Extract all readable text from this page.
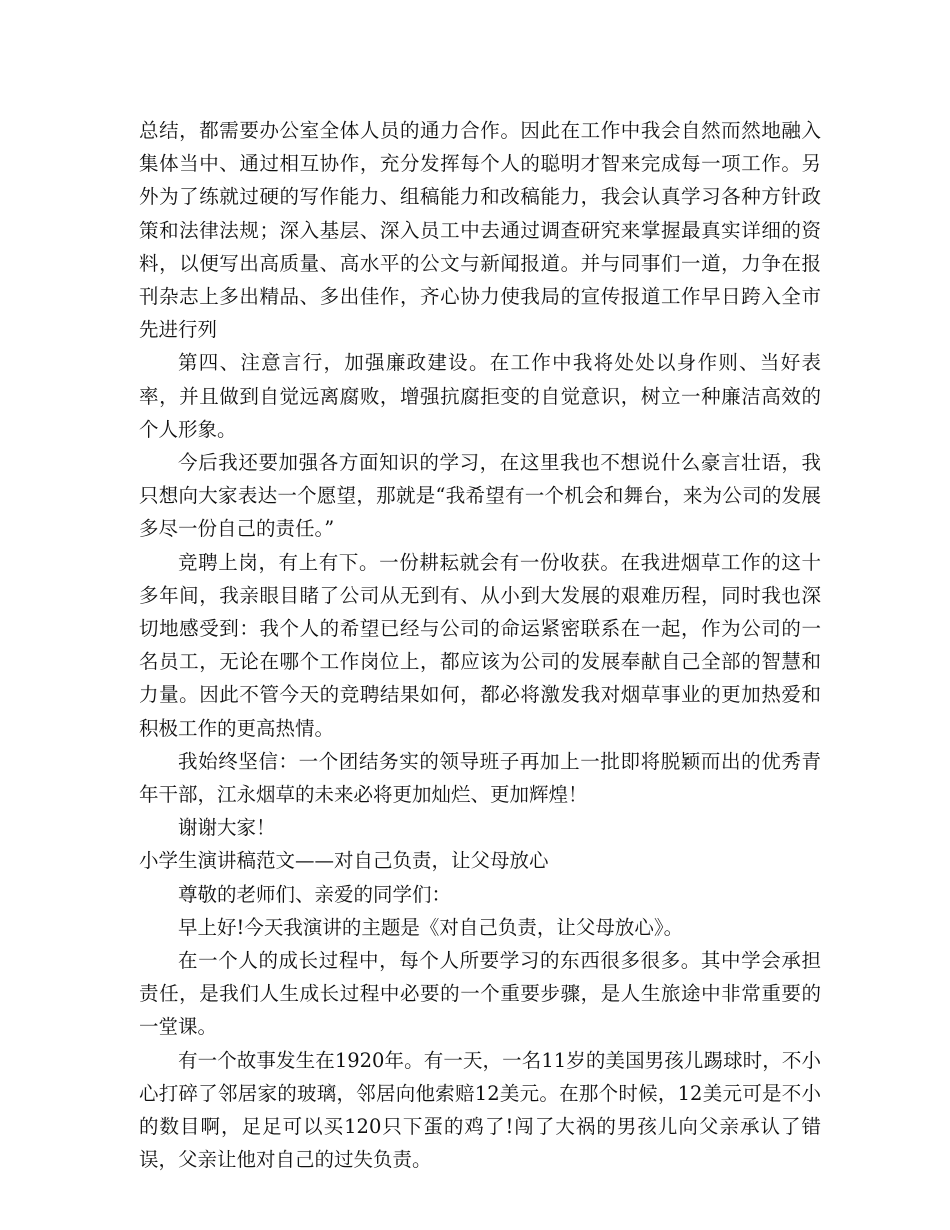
总结，都需要办公室全体人员的通力合作。因此在工作中我会自然而然地融入集体当中、通过相互协作，充分发挥每个人的聪明才智来完成每一项工作。另外为了练就过硬的写作能力、组稿能力和改稿能力，我会认真学习各种方针政策和法律法规；深入基层、深入员工中去通过调查研究来掌握最真实详细的资料，以便写出高质量、高水平的公文与新闻报道。并与同事们一道，力争在报刊杂志上多出精品、多出佳作，齐心协力使我局的宣传报道工作早日跨入全市先进行列

第四、注意言行，加强廉政建设。在工作中我将处处以身作则、当好表率，并且做到自觉远离腐败，增强抗腐拒变的自觉意识，树立一种廉洁高效的个人形象。

今后我还要加强各方面知识的学习，在这里我也不想说什么豪言壮语，我只想向大家表达一个愿望，那就是“我希望有一个机会和舞台，来为公司的发展多尽一份自己的责任。”

竞聘上岗，有上有下。一份耕耘就会有一份收获。在我进烟草工作的这十多年间，我亲眼目睹了公司从无到有、从小到大发展的艰难历程，同时我也深切地感受到：我个人的希望已经与公司的命运紧密联系在一起，作为公司的一名员工，无论在哪个工作岗位上，都应该为公司的发展奉献自己全部的智慧和力量。因此不管今天的竞聘结果如何，都必将激发我对烟草事业的更加热爱和积极工作的更高热情。

我始终坚信：一个团结务实的领导班子再加上一批即将脱颖而出的优秀青年干部，江永烟草的未来必将更加灿烂、更加辉煌！

谢谢大家！

小学生演讲稿范文——对自己负责，让父母放心

尊敬的老师们、亲爱的同学们：

早上好!今天我演讲的主题是《对自己负责，让父母放心》。

在一个人的成长过程中，每个人所要学习的东西很多很多。其中学会承担责任，是我们人生成长过程中必要的一个重要步骤，是人生旅途中非常重要的一堂课。

有一个故事发生在1920年。有一天，一名11岁的美国男孩儿踢球时，不小心打碎了邻居家的玻璃，邻居向他索赔12美元。在那个时候，12美元可是不小的数目啊，足足可以买120只下蛋的鸡了!闯了大祸的男孩儿向父亲承认了错误，父亲让他对自己的过失负责。
